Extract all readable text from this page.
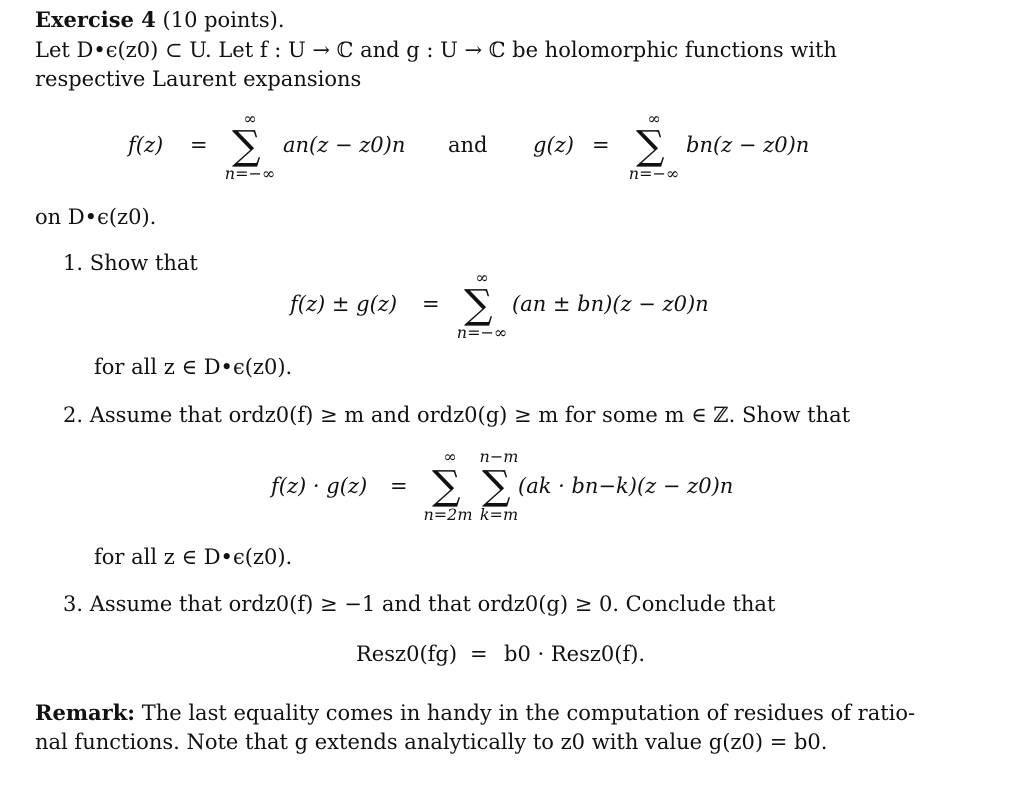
Exercise 4 (10 points).
Let D•ϵ(z0) ⊂ U. Let f : U → ℂ and g : U → ℂ be holomorphic functions with
respective Laurent expansions
f(z) =
∞
∑
n=−∞
an(z − z0)n and g(z) =
∞
∑
n=−∞
bn(z − z0)n
on D•ϵ(z0).
1. Show that
f(z) ± g(z) =
∞
∑
n=−∞
(an ± bn)(z − z0)n
for all z ∈ D•ϵ(z0).
2. Assume that ordz0(f) ≥ m and ordz0(g) ≥ m for some m ∈ ℤ. Show that
f(z) · g(z) =
∞
∑
n=2m
n−m
∑
k=m
(ak · bn−k)(z − z0)n
for all z ∈ D•ϵ(z0).
3. Assume that ordz0(f) ≥ −1 and that ordz0(g) ≥ 0. Conclude that
Resz0(fg) = b0 · Resz0(f).
Remark: The last equality comes in handy in the computation of residues of ratio-
nal functions. Note that g extends analytically to z0 with value g(z0) = b0.
